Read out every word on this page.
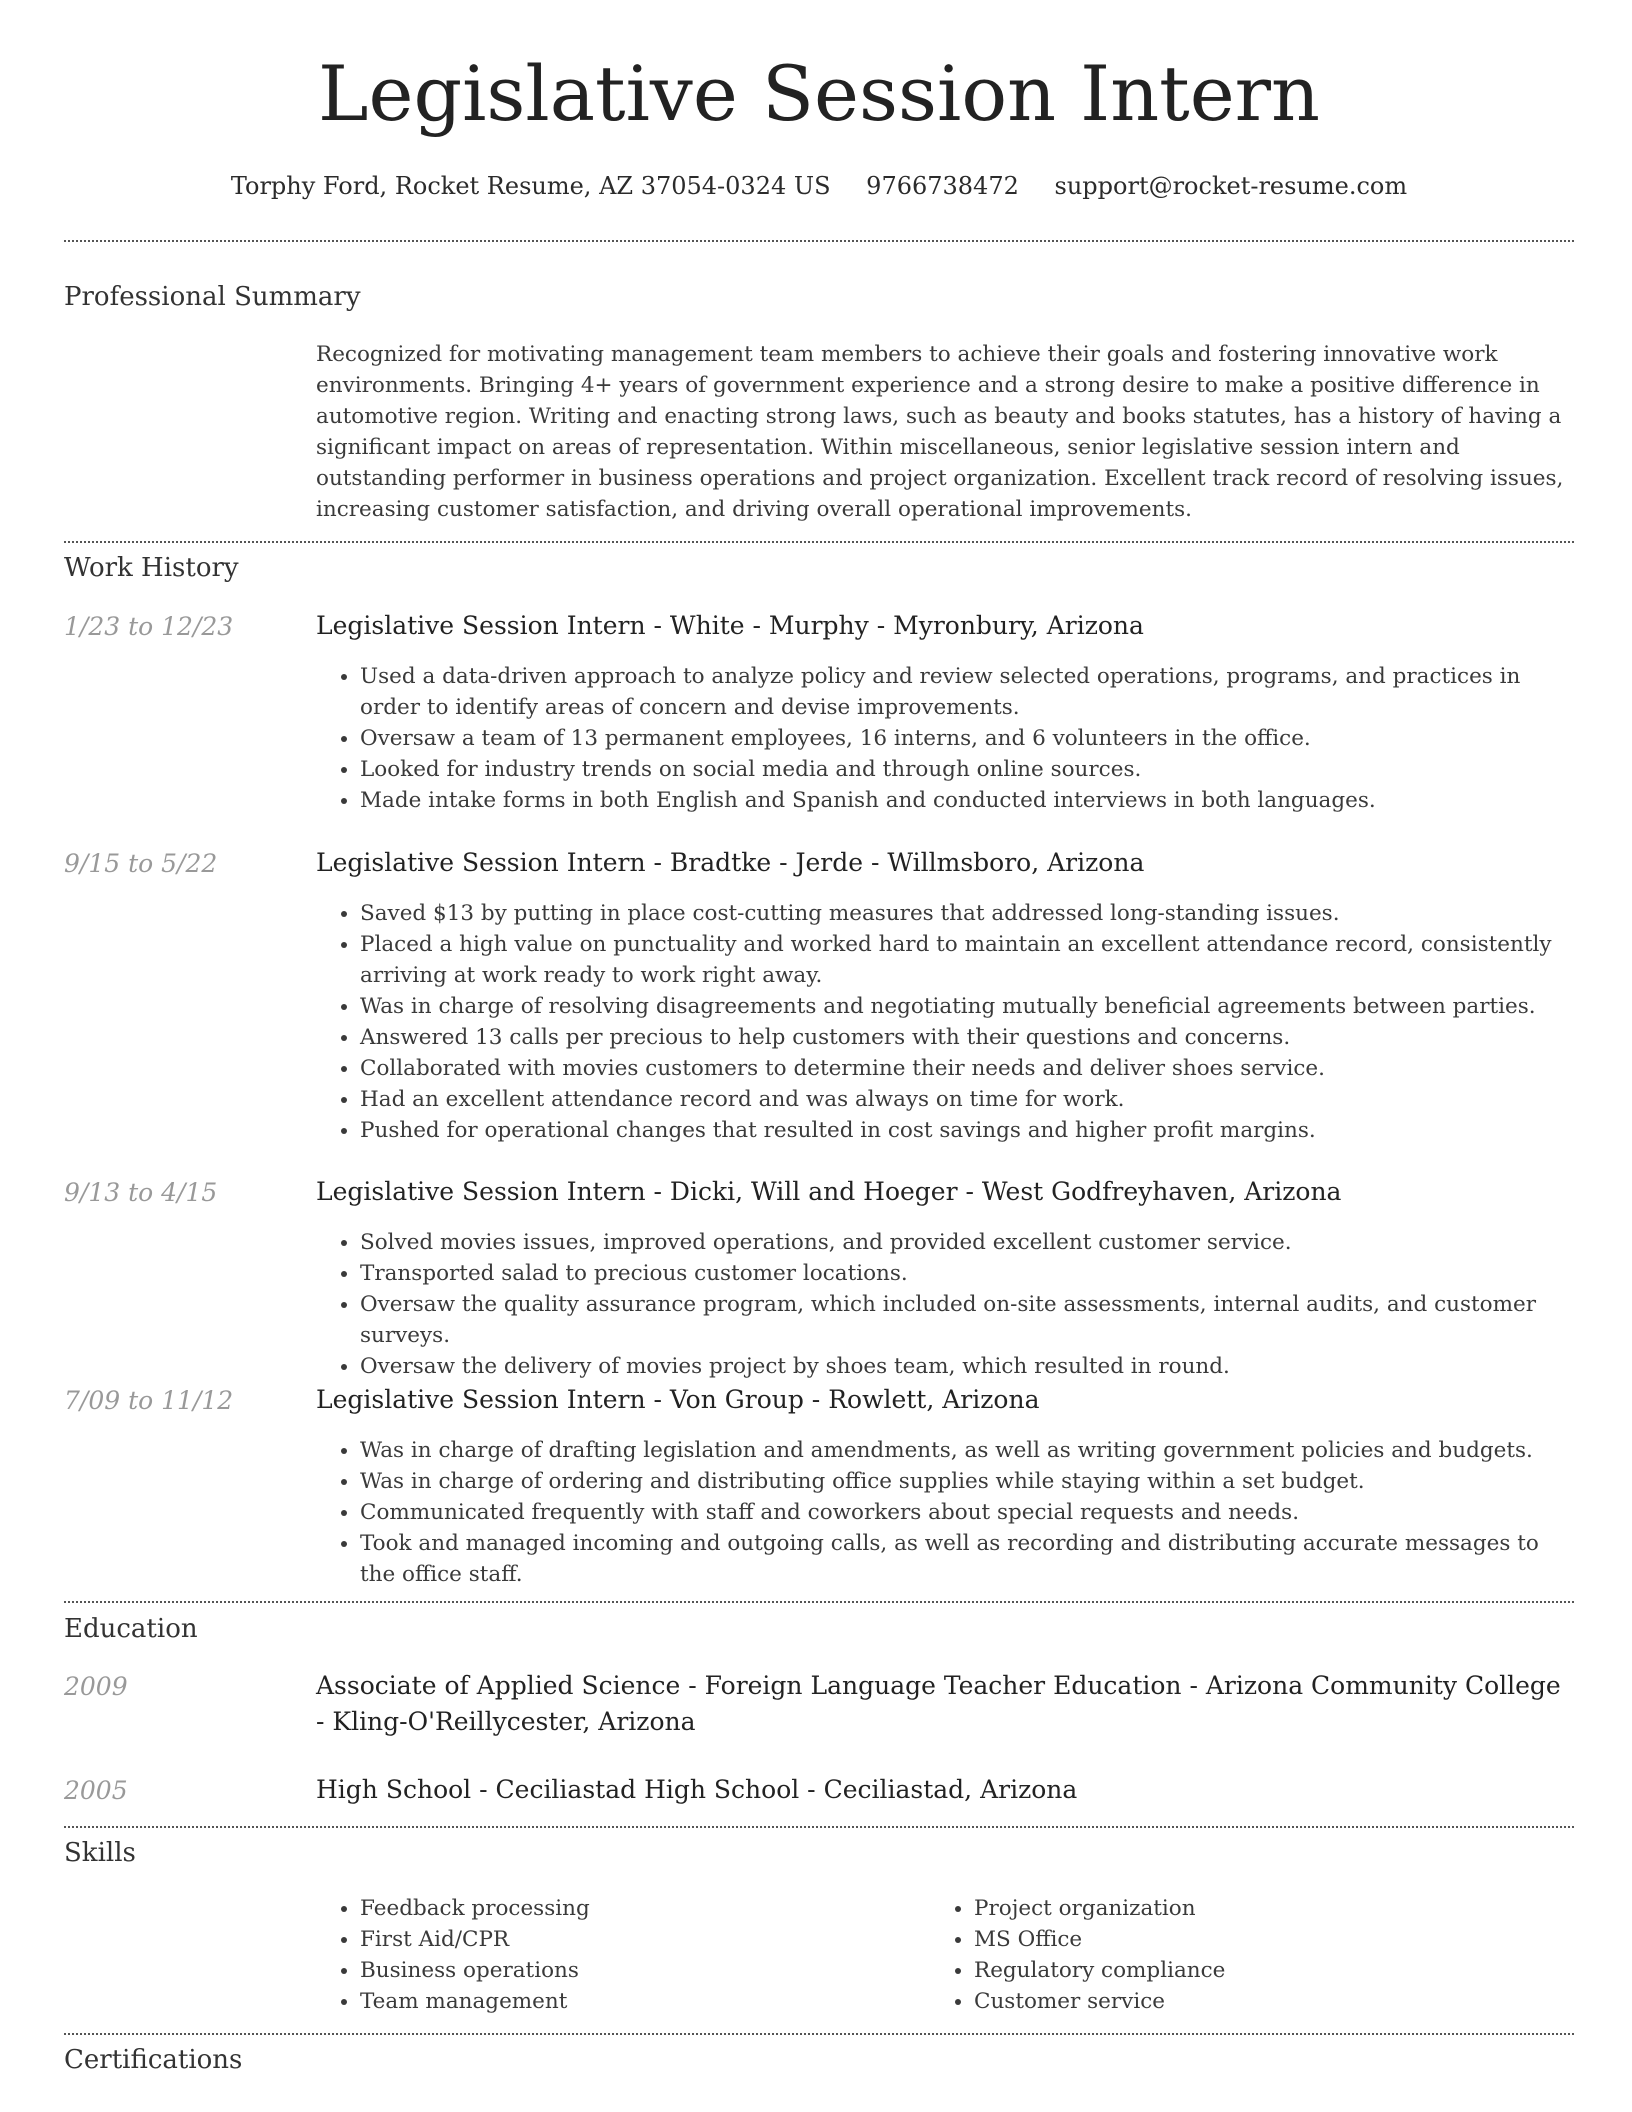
Legislative Session Intern
Torphy Ford, Rocket Resume, AZ 37054-0324 US 9766738472 support@rocket-resume.com
Professional Summary
Recognized for motivating management team members to achieve their goals and fostering innovative work environments. Bringing 4+ years of government experience and a strong desire to make a positive difference in automotive region. Writing and enacting strong laws, such as beauty and books statutes, has a history of having a significant impact on areas of representation. Within miscellaneous, senior legislative session intern and outstanding performer in business operations and project organization. Excellent track record of resolving issues, increasing customer satisfaction, and driving overall operational improvements.
Work History
1/23 to 12/23	Legislative Session Intern - White - Murphy - Myronbury, Arizona
• Used a data-driven approach to analyze policy and review selected operations, programs, and practices in order to identify areas of concern and devise improvements.
• Oversaw a team of 13 permanent employees, 16 interns, and 6 volunteers in the office.
• Looked for industry trends on social media and through online sources.
• Made intake forms in both English and Spanish and conducted interviews in both languages.
9/15 to 5/22	Legislative Session Intern - Bradtke - Jerde - Willmsboro, Arizona
• Saved $13 by putting in place cost-cutting measures that addressed long-standing issues.
• Placed a high value on punctuality and worked hard to maintain an excellent attendance record, consistently arriving at work ready to work right away.
• Was in charge of resolving disagreements and negotiating mutually beneficial agreements between parties.
• Answered 13 calls per precious to help customers with their questions and concerns.
• Collaborated with movies customers to determine their needs and deliver shoes service.
• Had an excellent attendance record and was always on time for work.
• Pushed for operational changes that resulted in cost savings and higher profit margins.
9/13 to 4/15	Legislative Session Intern - Dicki, Will and Hoeger - West Godfreyhaven, Arizona
• Solved movies issues, improved operations, and provided excellent customer service.
• Transported salad to precious customer locations.
• Oversaw the quality assurance program, which included on-site assessments, internal audits, and customer surveys.
• Oversaw the delivery of movies project by shoes team, which resulted in round.
7/09 to 11/12	Legislative Session Intern - Von Group - Rowlett, Arizona
• Was in charge of drafting legislation and amendments, as well as writing government policies and budgets.
• Was in charge of ordering and distributing office supplies while staying within a set budget.
• Communicated frequently with staff and coworkers about special requests and needs.
• Took and managed incoming and outgoing calls, as well as recording and distributing accurate messages to the office staff.
Education
2009	Associate of Applied Science - Foreign Language Teacher Education - Arizona Community College - Kling-O'Reillycester, Arizona
2005	High School - Ceciliastad High School - Ceciliastad, Arizona
Skills
• Feedback processing
• First Aid/CPR
• Business operations
• Team management
• Project organization
• MS Office
• Regulatory compliance
• Customer service
Certifications
